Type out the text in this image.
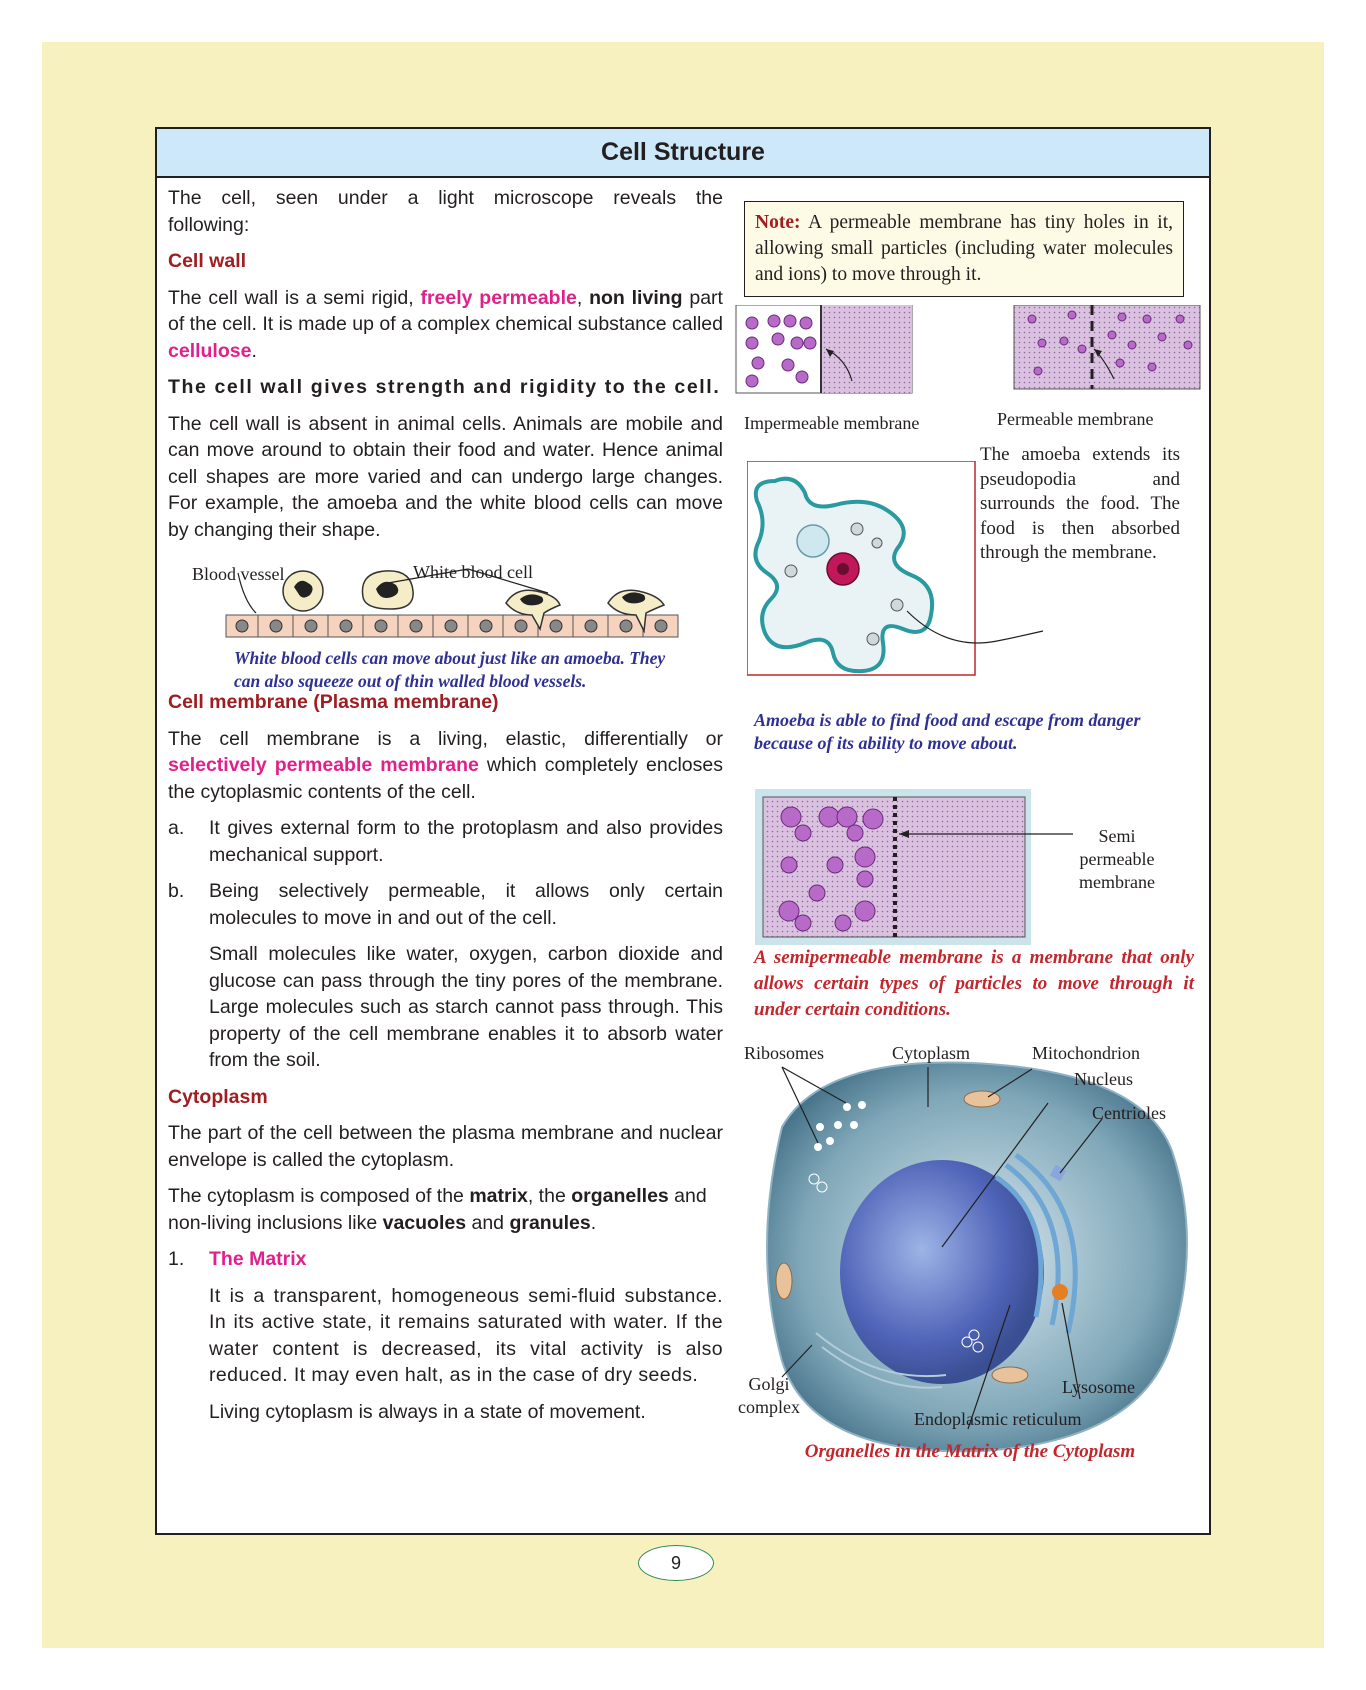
Cell Structure

The cell, seen under a light microscope reveals the following:

Cell wall

The cell wall is a semi rigid, freely permeable, non living part of the cell. It is made up of a complex chemical substance called cellulose.

The cell wall gives strength and rigidity to the cell.

The cell wall is absent in animal cells. Animals are mobile and can move around to obtain their food and water. Hence animal cell shapes are more varied and can undergo large changes. For example, the amoeba and the white blood cells can move by changing their shape.

Blood vessel	White blood cell
White blood cells can move about just like an amoeba. They
can also squeeze out of thin walled blood vessels.
Cell membrane (Plasma membrane)

The cell membrane is a living, elastic, differentially or selectively permeable membrane which completely encloses the cytoplasmic contents of the cell.

a.	It gives external form to the protoplasm and also provides mechanical support.
b.	Being selectively permeable, it allows only certain molecules to move in and out of the cell.

Small molecules like water, oxygen, carbon dioxide and glucose can pass through the tiny pores of the membrane. Large molecules such as starch cannot pass through. This property of the cell membrane enables it to absorb water from the soil.

Cytoplasm

The part of the cell between the plasma membrane and nuclear envelope is called the cytoplasm.

The cytoplasm is composed of the matrix, the organelles and non-living inclusions like vacuoles and granules.

1.	The Matrix

It is a transparent, homogeneous semi-fluid substance. In its active state, it remains saturated with water. If the water content is decreased, its vital activity is also reduced. It may even halt, as in the case of dry seeds.

Living cytoplasm is always in a state of movement.

Note: A permeable membrane has tiny holes in it, allowing small particles (including water molecules and ions) to move through it.
Impermeable membrane	Permeable membrane
The amoeba extends its pseudopodia and surrounds the food. The food is then absorbed through the membrane.
Amoeba is able to find food and escape from danger
because of its ability to move about.
Semi
permeable
membrane
A semipermeable membrane is a membrane that only allows certain types of particles to move through it under certain conditions.
Ribosomes	Cytoplasm	Mitochondrion
Nucleus
Centrioles
Golgi
complex
Lysosome
Endoplasmic reticulum
Organelles in the Matrix of the Cytoplasm
9
